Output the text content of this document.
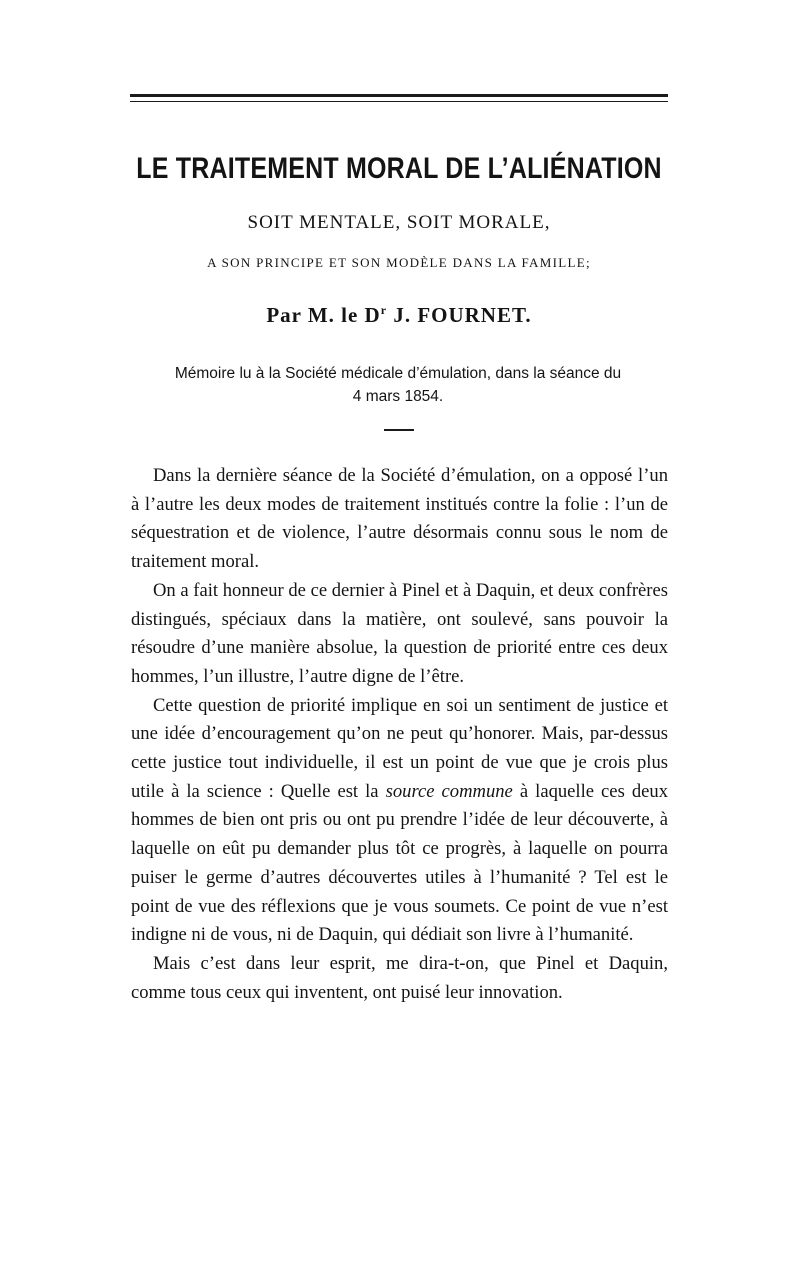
LE TRAITEMENT MORAL DE L’ALIÉNATION
SOIT MENTALE, SOIT MORALE,
A SON PRINCIPE ET SON MODÈLE DANS LA FAMILLE;
Par M. le $D^r$ J. FOURNET.
Mémoire lu à la Société médicale d’émulation, dans la séance du
4 mars 1854.

Dans la dernière séance de la Société d’émulation, on a opposé l’un à l’autre les deux modes de traitement institués contre la folie : l’un de séquestration et de violence, l’autre désormais connu sous le nom de traitement moral.

On a fait honneur de ce dernier à Pinel et à Daquin, et deux confrères distingués, spéciaux dans la matière, ont soulevé, sans pouvoir la résoudre d’une manière absolue, la question de priorité entre ces deux hommes, l’un illustre, l’autre digne de l’être.

Cette question de priorité implique en soi un sentiment de justice et une idée d’encouragement qu’on ne peut qu’honorer. Mais, par-dessus cette justice tout individuelle, il est un point de vue que je crois plus utile à la science : Quelle est la source commune à laquelle ces deux hommes de bien ont pris ou ont pu prendre l’idée de leur découverte, à laquelle on eût pu demander plus tôt ce progrès, à laquelle on pourra puiser le germe d’autres découvertes utiles à l’humanité ? Tel est le point de vue des réflexions que je vous soumets. Ce point de vue n’est indigne ni de vous, ni de Daquin, qui dédiait son livre à l’humanité.

Mais c’est dans leur esprit, me dira-t-on, que Pinel et Daquin, comme tous ceux qui inventent, ont puisé leur innovation.
